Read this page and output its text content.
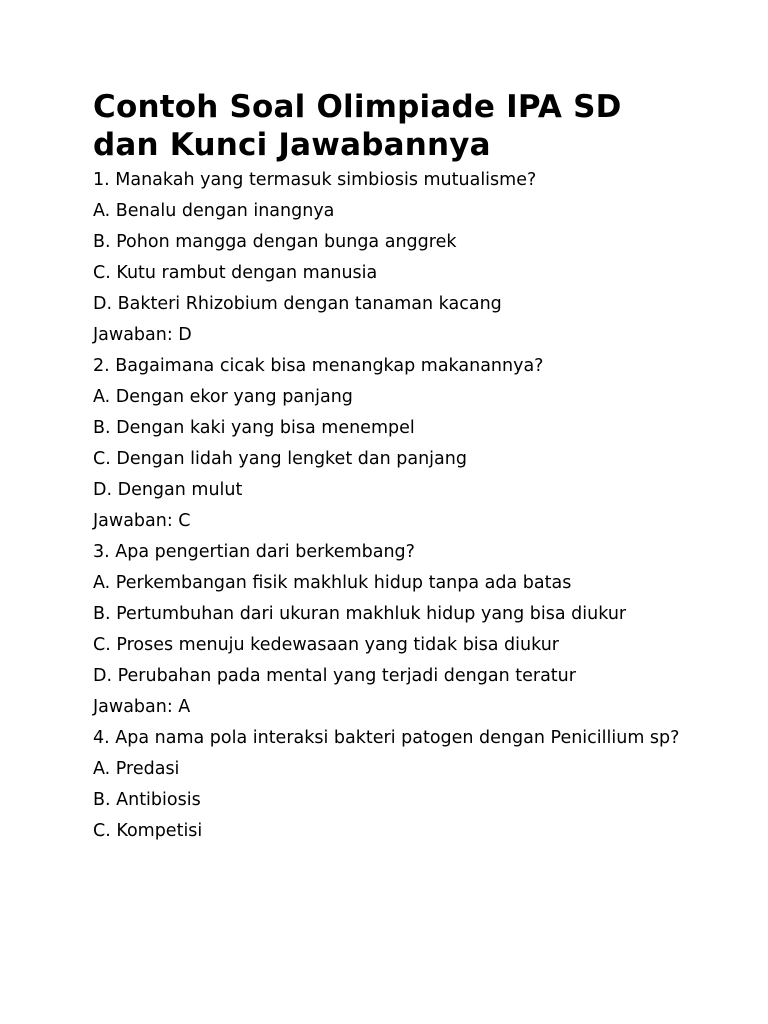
Contoh Soal Olimpiade IPA SD dan Kunci Jawabannya

1. Manakah yang termasuk simbiosis mutualisme?

A. Benalu dengan inangnya

B. Pohon mangga dengan bunga anggrek

C. Kutu rambut dengan manusia

D. Bakteri Rhizobium dengan tanaman kacang

Jawaban: D

2. Bagaimana cicak bisa menangkap makanannya?

A. Dengan ekor yang panjang

B. Dengan kaki yang bisa menempel

C. Dengan lidah yang lengket dan panjang

D. Dengan mulut

Jawaban: C

3. Apa pengertian dari berkembang?

A. Perkembangan fisik makhluk hidup tanpa ada batas

B. Pertumbuhan dari ukuran makhluk hidup yang bisa diukur

C. Proses menuju kedewasaan yang tidak bisa diukur

D. Perubahan pada mental yang terjadi dengan teratur

Jawaban: A

4. Apa nama pola interaksi bakteri patogen dengan Penicillium sp?

A. Predasi

B. Antibiosis

C. Kompetisi
